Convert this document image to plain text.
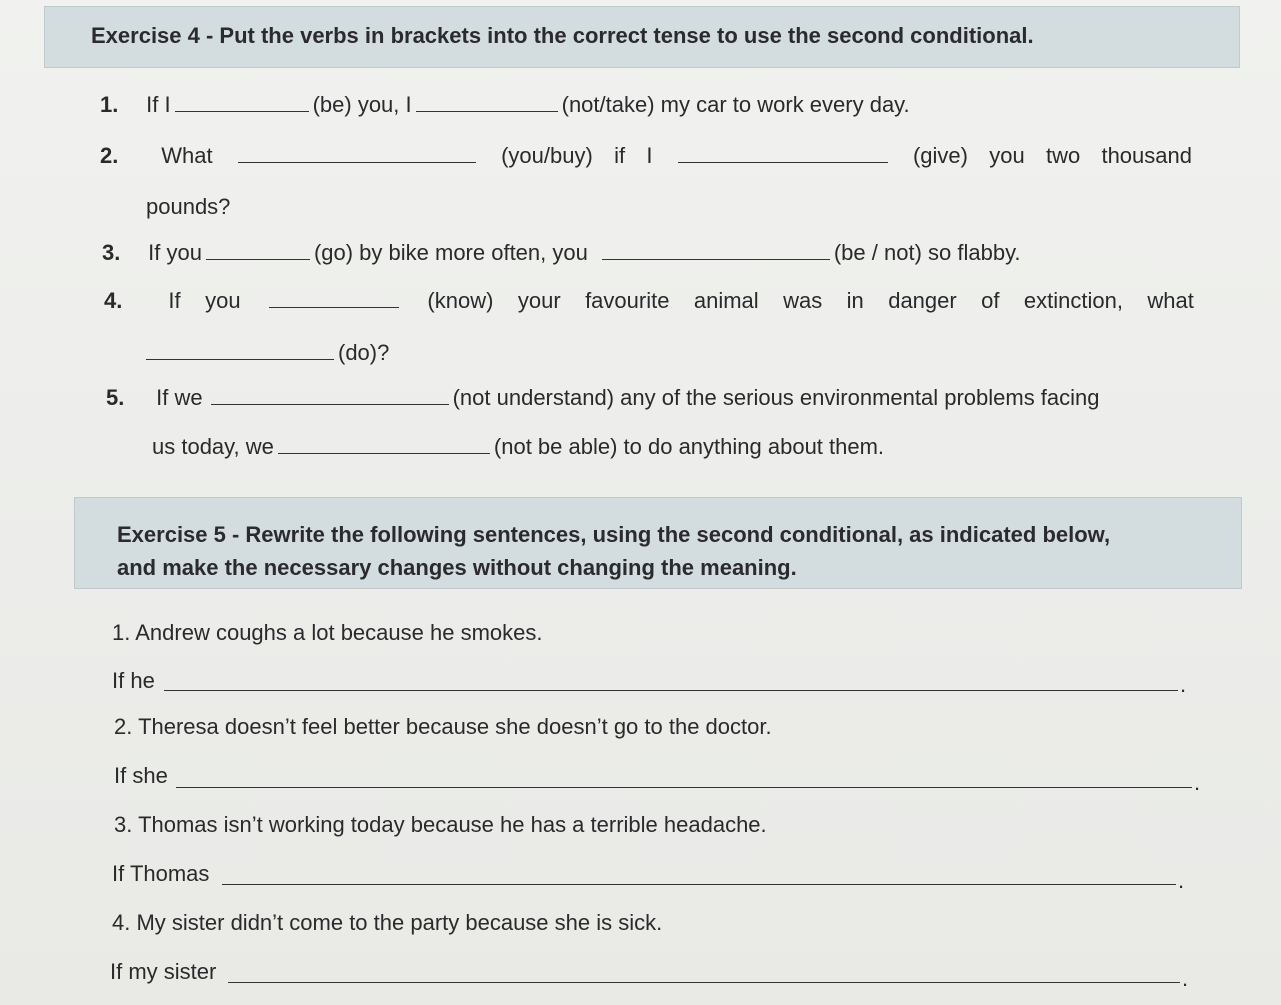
Exercise 4 - Put the verbs in brackets into the correct tense to use the second conditional.
1. If I	(be) you, I	(not/take) my car to work every day.
2.	What	(you/buy) if I	(give) you two thousand
pounds?
3. If you	(go) by bike more often, you	(be / not) so flabby.
4.	If you	(know) your favourite animal was in danger of extinction, what
(do)?
5. If we	(not understand) any of the serious environmental problems facing
us today, we	(not be able) to do anything about them.
Exercise 5 - Rewrite the following sentences, using the second conditional, as indicated below,
and make the necessary changes without changing the meaning.
1. Andrew coughs a lot because he smokes.
If he	.
2. Theresa doesn’t feel better because she doesn’t go to the doctor.
If she	.
3. Thomas isn’t working today because he has a terrible headache.
If Thomas	.
4. My sister didn’t come to the party because she is sick.
If my sister	.
